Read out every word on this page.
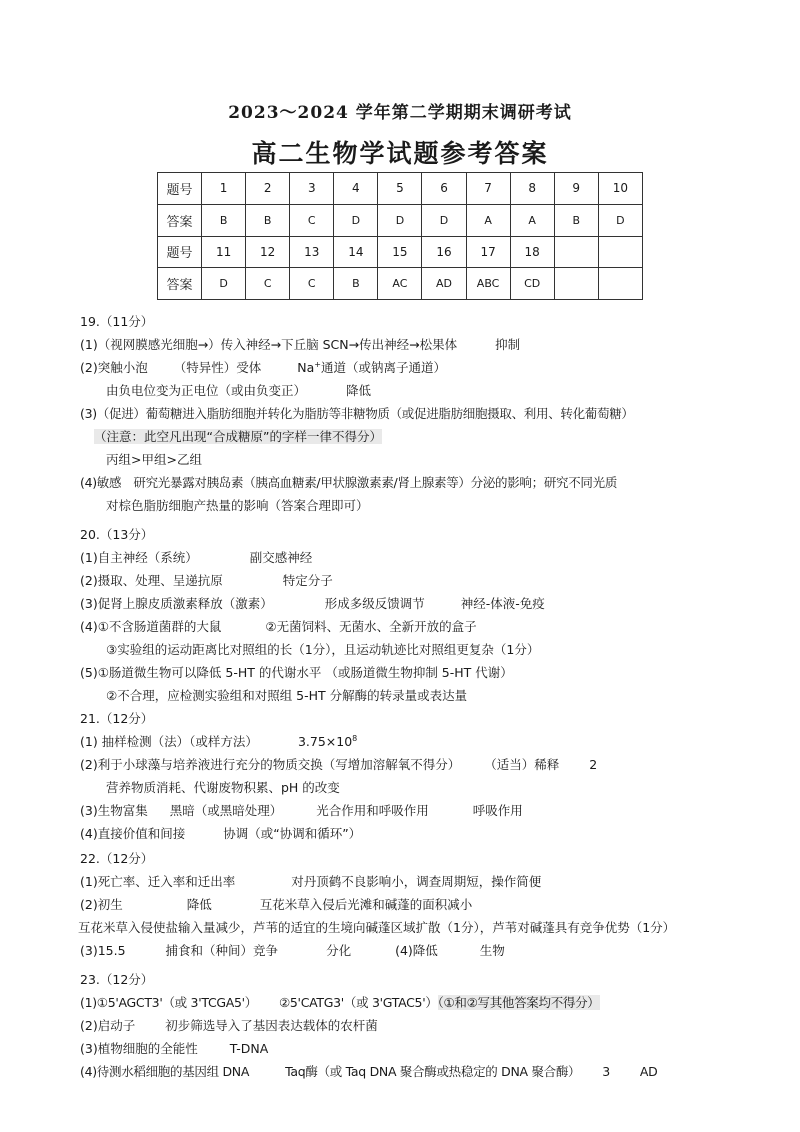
2023～2024 学年第二学期期末调研考试
高二生物学试题参考答案
题号	1	2	3	4	5	6	7	8	9	10
答案	B	B	C	D	D	D	A	A	B	D
题号	11	12	13	14	15	16	17	18		
答案	D	C	C	B	AC	AD	ABC	CD		
19.（11分）
(1)（视网膜感光细胞→）传入神经→下丘脑 SCN→传出神经→松果体	抑制
(2)突触小泡 （特异性）受体	Na+通道（或钠离子通道）
由负电位变为正电位（或由负变正）	降低
(3)（促进）葡萄糖进入脂肪细胞并转化为脂肪等非糖物质（或促进脂肪细胞摄取、利用、转化葡萄糖）
（注意：此空凡出现“合成糖原”的字样一律不得分）
丙组>甲组>乙组
(4)敏感　研究光暴露对胰岛素（胰高血糖素/甲状腺激素素/肾上腺素等）分泌的影响；研究不同光质
对棕色脂肪细胞产热量的影响（答案合理即可）
20.（13分）
(1)自主神经（系统）	副交感神经
(2)摄取、处理、呈递抗原	特定分子
(3)促肾上腺皮质激素释放（激素）	形成多级反馈调节	神经-体液-免疫
(4)①不含肠道菌群的大鼠	②无菌饲料、无菌水、全新开放的盒子
③实验组的运动距离比对照组的长（1分），且运动轨迹比对照组更复杂（1分）
(5)①肠道微生物可以降低 5-HT 的代谢水平 （或肠道微生物抑制 5-HT 代谢）
②不合理，应检测实验组和对照组 5-HT 分解酶的转录量或表达量
21.（12分）
(1) 抽样检测（法）（或样方法）	$3.75\times 10^8$
(2)利于小球藻与培养液进行充分的物质交换（写增加溶解氧不得分） （适当）稀释 2
营养物质消耗、代谢废物积累、pH 的改变
(3)生物富集 黑暗（或黑暗处理）	光合作用和呼吸作用	呼吸作用
(4)直接价值和间接	协调（或“协调和循环”）
22.（12分）
(1)死亡率、迁入率和迁出率	对丹顶鹤不良影响小，调查周期短，操作简便
(2)初生	降低	互花米草入侵后光滩和碱蓬的面积减小
互花米草入侵使盐输入量减少，芦苇的适宜的生境向碱蓬区域扩散（1分），芦苇对碱蓬具有竞争优势（1分）
(3)15.5	捕食和（种间）竞争	分化	(4)降低	生物
23.（12分）
(1)①5'AGCT3'（或 3'TCGA5'） ②5'CATG3'（或 3'GTAC5'）（①和②写其他答案均不得分）
(2)启动子 初步筛选导入了基因表达载体的农杆菌
(3)植物细胞的全能性	T-DNA
(4)待测水稻细胞的基因组 DNA	Taq酶（或 Taq DNA 聚合酶或热稳定的 DNA 聚合酶） 3 AD
